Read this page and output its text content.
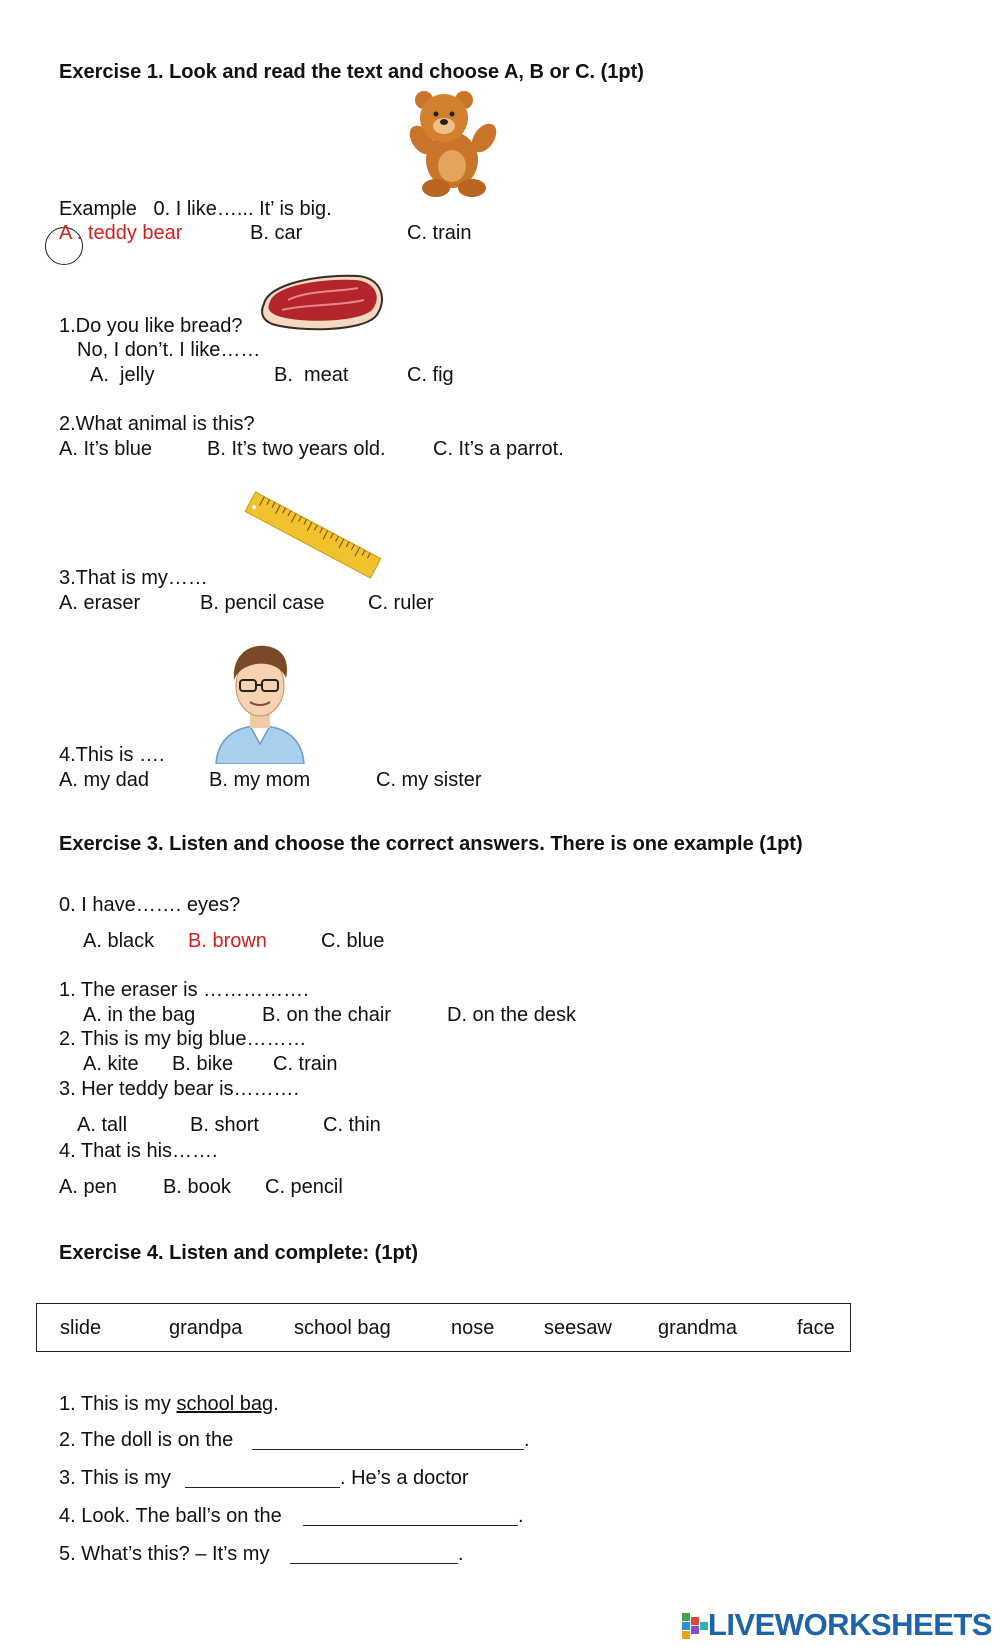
Exercise 1. Look and read the text and choose A, B or C. (1pt)
Example   0. I like…... It’ is big.
A . teddy bear	B. car	C. train
1.Do you like bread?
No, I don’t. I like……
A.  jelly	B.  meat	C. fig
2.What animal is this?
A. It’s blue	B. It’s two years old. C. It’s a parrot.
3.That is my……
A. eraser	B. pencil case C. ruler
4.This is ….
A. my dad	B. my mom	C. my sister
Exercise 3. Listen and choose the correct answers. There is one example (1pt)
0. I have……. eyes?
A. black B. brown	C. blue
1. The eraser is …………….
A. in the bag	B. on the chair	D. on the desk
2. This is my big blue………
A. kite B. bike C. train
3. Her teddy bear is……….
A. tall	B. short	C. thin
4. That is his…….
A. pen B. book C. pencil
Exercise 4. Listen and complete: (1pt)
slide	grandpa	school bag	nose seesaw grandma	face
1. This is my school bag.
2. The doll is on the	.
3. This is my	. He’s a doctor
4. Look. The ball’s on the	.
5. What’s this? – It’s my	.
LIVEWORKSHEETS
